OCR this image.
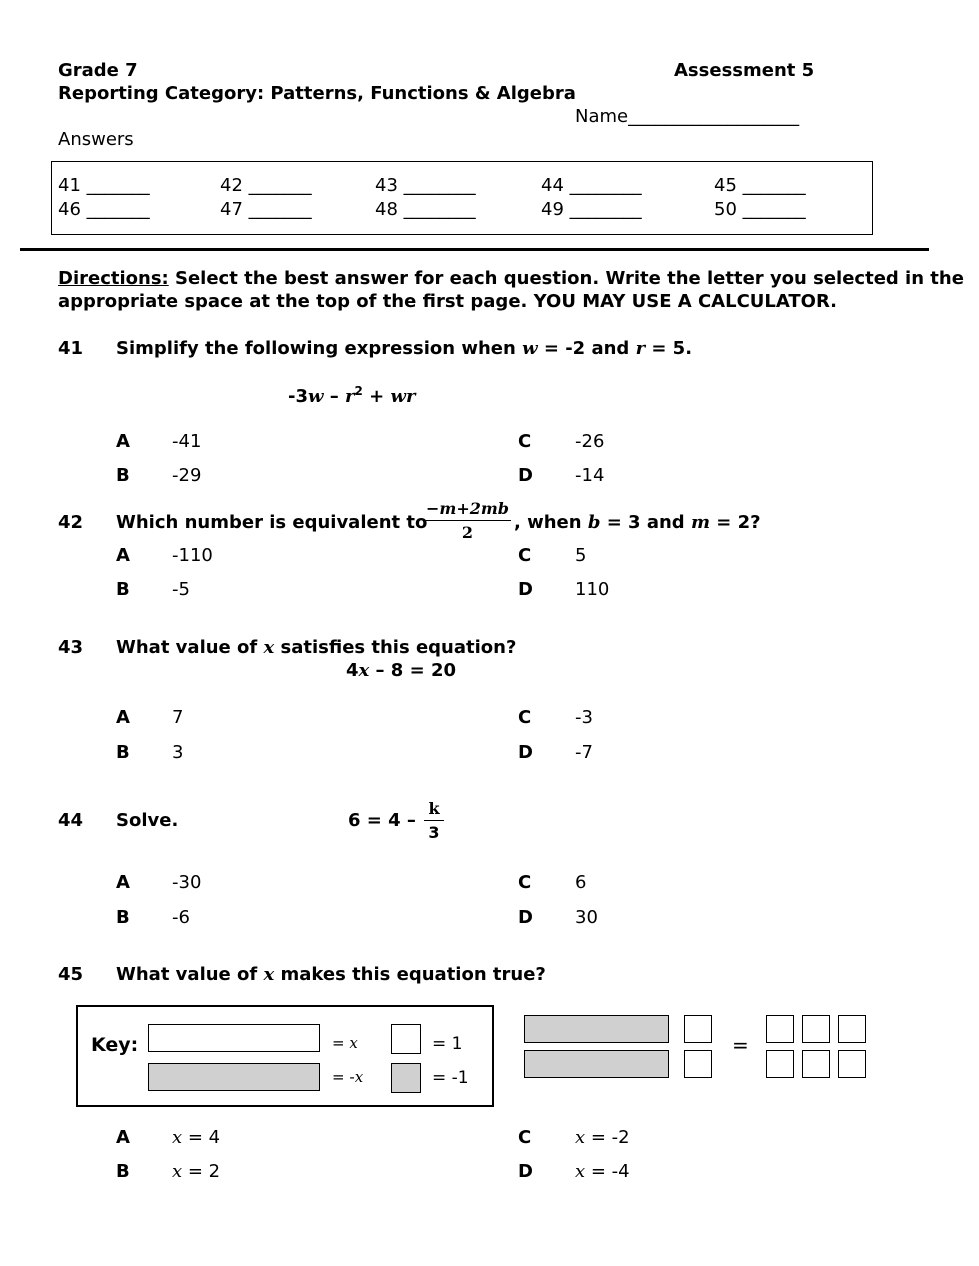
Grade 7	Assessment 5
Reporting Category: Patterns, Functions & Algebra
Name___________________
Answers
41 _______	42 _______	43 ________	44 ________	45 _______
46 _______	47 _______	48 ________	49 ________	50 _______
Directions: Select the best answer for each question. Write the letter you selected in the
appropriate space at the top of the first page. YOU MAY USE A CALCULATOR.
41 Simplify the following expression when w = -2 and r = 5.
$-3w - r^2$ + wr
A -41
B -29
C -26
D -14
42 Which number is equivalent to
$\frac{-m+2mb}{2}$ , when b = 3 and m = 2?
A -110
B -5
C 5
D 110
43 What value of x satisfies this equation?
4x – 8 = 20
A 7
B 3
C -3
D -7
44 Solve.	$6 = 4 - \frac{k}{3}$
A -30
B -6
C 6
D 30
45 What value of x makes this equation true?
Key:	= x
= -x
= 1
= -1
=
A x = 4
B x = 2
C x = -2
D x = -4
